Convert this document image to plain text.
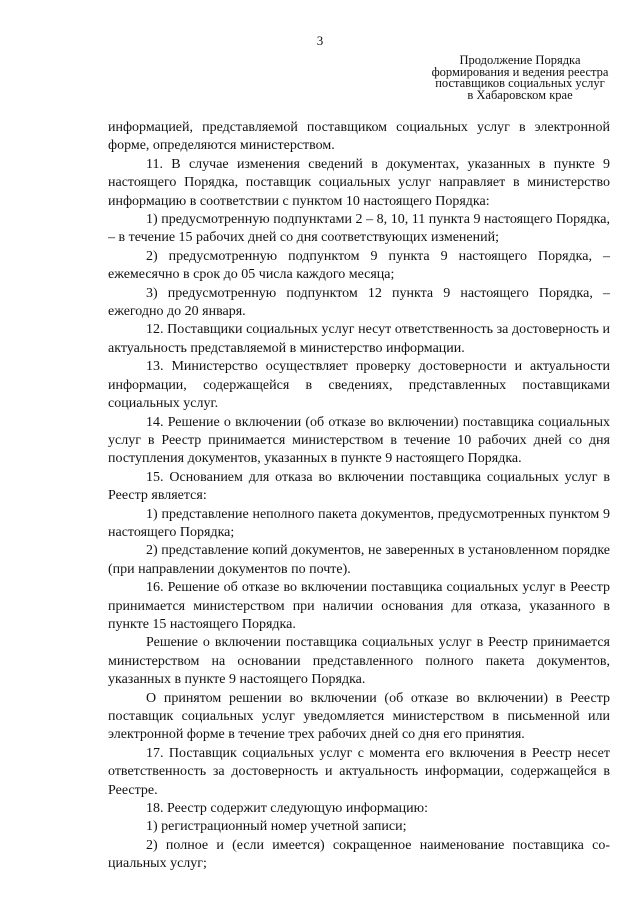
3
Продолжение Порядка
формирования и ведения реестра
поставщиков социальных услуг
в Хабаровском крае

информацией, представляемой поставщиком социальных услуг в электронной форме, определяются министерством.

11. В случае изменения сведений в документах, указанных в пункте 9 настоящего Порядка, поставщик социальных услуг направляет в министерство информацию в соответствии с пунктом 10 настоящего Порядка:

1) предусмотренную подпунктами 2 – 8, 10, 11 пункта 9 настоящего Порядка, – в течение 15 рабочих дней со дня соответствующих изменений;

2) предусмотренную подпунктом 9 пункта 9 настоящего Порядка, – ежемесячно в срок до 05 числа каждого месяца;

3) предусмотренную подпунктом 12 пункта 9 настоящего Порядка, – ежегодно до 20 января.

12. Поставщики социальных услуг несут ответственность за достоверность и актуальность представляемой в министерство информации.

13. Министерство осуществляет проверку достоверности и актуальности информации, содержащейся в сведениях, представленных поставщиками социальных услуг.

14. Решение о включении (об отказе во включении) поставщика социальных услуг в Реестр принимается министерством в течение 10 рабочих дней со дня поступления документов, указанных в пункте 9 настоящего Порядка.

15. Основанием для отказа во включении поставщика социальных услуг в Реестр является:

1) представление неполного пакета документов, предусмотренных пунктом 9 настоящего Порядка;

2) представление копий документов, не заверенных в установленном порядке (при направлении документов по почте).

16. Решение об отказе во включении поставщика социальных услуг в Реестр принимается министерством при наличии основания для отказа, указанного в пункте 15 настоящего Порядка.

Решение о включении поставщика социальных услуг в Реестр принимается министерством на основании представленного полного пакета документов, указанных в пункте 9 настоящего Порядка.

О принятом решении во включении (об отказе во включении) в Реестр поставщик социальных услуг уведомляется министерством в письменной или электронной форме в течение трех рабочих дней со дня его принятия.

17. Поставщик социальных услуг с момента его включения в Реестр несет ответственность за достоверность и актуальность информации, содержащейся в Реестре.

18. Реестр содержит следующую информацию:

1) регистрационный номер учетной записи;

2) полное и (если имеется) сокращенное наименование поставщика социальных услуг;
